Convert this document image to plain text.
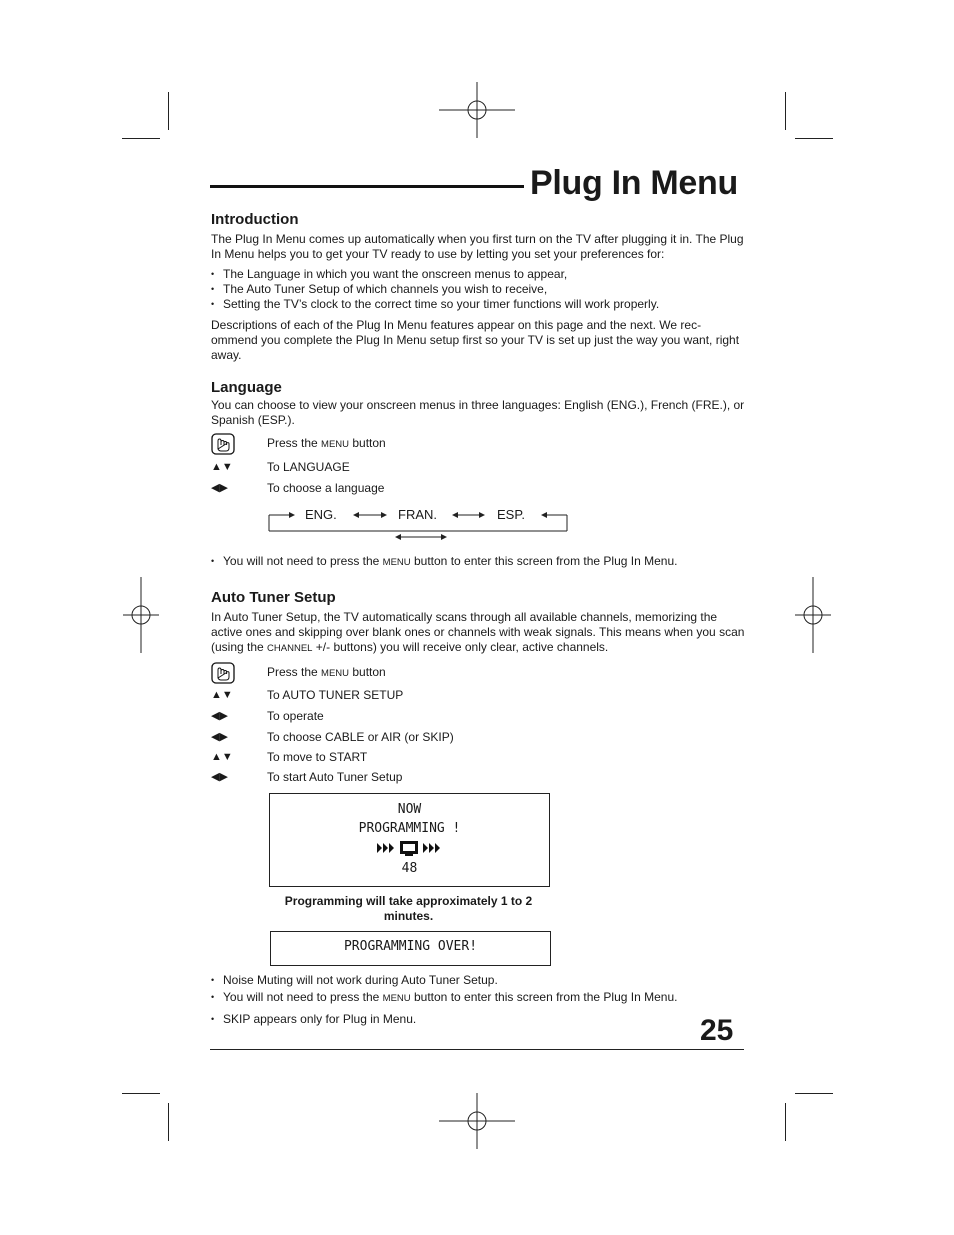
Plug In Menu
Introduction

The Plug In Menu comes up automatically when you first turn on the TV after plugging it in. The Plug In Menu helps you to get your TV ready to use by letting you set your preferences for:

• The Language in which you want the onscreen menus to appear,
• The Auto Tuner Setup of which channels you wish to receive,
• Setting the TV’s clock to the correct time so your timer functions will work properly.

Descriptions of each of the Plug In Menu features appear on this page and the next. We rec-ommend you complete the Plug In Menu setup first so your TV is set up just the way you want, right away.

Language

You can choose to view your onscreen menus in three languages: English (ENG.), French (FRE.), or Spanish (ESP.).

Press the MENU button
▲▼	To LANGUAGE
◀▶	To choose a language
ENG.	FRAN.	ESP.
• You will not need to press the MENU button to enter this screen from the Plug In Menu.
Auto Tuner Setup

In Auto Tuner Setup, the TV automatically scans through all available channels, memorizing the active ones and skipping over blank ones or channels with weak signals. This means when you scan (using the CHANNEL +/- buttons) you will receive only clear, active channels.

Press the MENU button
▲▼	To AUTO TUNER SETUP
◀▶	To operate
◀▶	To choose CABLE or AIR (or SKIP)
▲▼	To move to START
◀▶	To start Auto Tuner Setup
NOW
PROGRAMMING !
48
Programming will take approximately 1 to 2 minutes.
PROGRAMMING OVER!
• Noise Muting will not work during Auto Tuner Setup.
• You will not need to press the MENU button to enter this screen from the Plug In Menu.
• SKIP appears only for Plug in Menu.	25
